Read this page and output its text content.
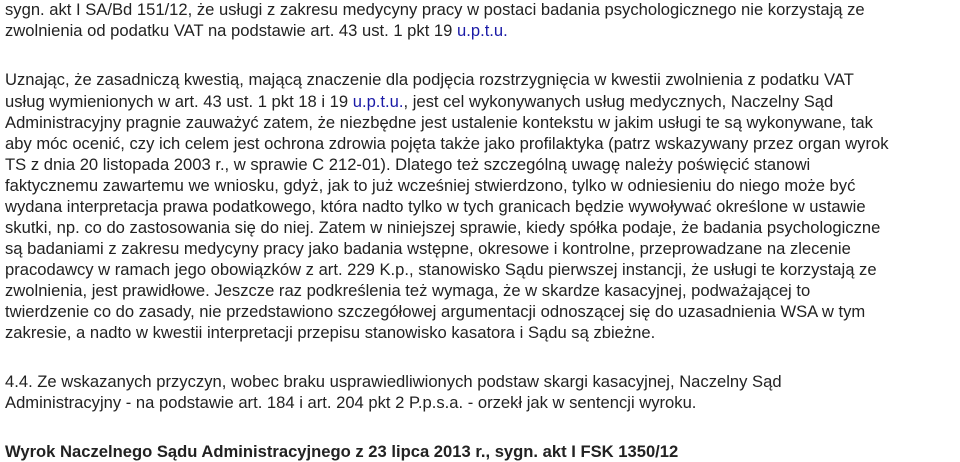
sygn. akt I SA/Bd 151/12, że usługi z zakresu medycyny pracy w postaci badania psychologicznego nie korzystają ze
zwolnienia od podatku VAT na podstawie art. 43 ust. 1 pkt 19 u.p.t.u.
Uznając, że zasadniczą kwestią, mającą znaczenie dla podjęcia rozstrzygnięcia w kwestii zwolnienia z podatku VAT
usług wymienionych w art. 43 ust. 1 pkt 18 i 19 u.p.t.u., jest cel wykonywanych usług medycznych, Naczelny Sąd
Administracyjny pragnie zauważyć zatem, że niezbędne jest ustalenie kontekstu w jakim usługi te są wykonywane, tak
aby móc ocenić, czy ich celem jest ochrona zdrowia pojęta także jako profilaktyka (patrz wskazywany przez organ wyrok
TS z dnia 20 listopada 2003 r., w sprawie C 212-01). Dlatego też szczególną uwagę należy poświęcić stanowi
faktycznemu zawartemu we wniosku, gdyż, jak to już wcześniej stwierdzono, tylko w odniesieniu do niego może być
wydana interpretacja prawa podatkowego, która nadto tylko w tych granicach będzie wywoływać określone w ustawie
skutki, np. co do zastosowania się do niej. Zatem w niniejszej sprawie, kiedy spółka podaje, że badania psychologiczne
są badaniami z zakresu medycyny pracy jako badania wstępne, okresowe i kontrolne, przeprowadzane na zlecenie
pracodawcy w ramach jego obowiązków z art. 229 K.p., stanowisko Sądu pierwszej instancji, że usługi te korzystają ze
zwolnienia, jest prawidłowe. Jeszcze raz podkreślenia też wymaga, że w skardze kasacyjnej, podważającej to
twierdzenie co do zasady, nie przedstawiono szczegółowej argumentacji odnoszącej się do uzasadnienia WSA w tym
zakresie, a nadto w kwestii interpretacji przepisu stanowisko kasatora i Sądu są zbieżne.
4.4. Ze wskazanych przyczyn, wobec braku usprawiedliwionych podstaw skargi kasacyjnej, Naczelny Sąd
Administracyjny - na podstawie art. 184 i art. 204 pkt 2 P.p.s.a. - orzekł jak w sentencji wyroku.
Wyrok Naczelnego Sądu Administracyjnego z 23 lipca 2013 r., sygn. akt I FSK 1350/12
